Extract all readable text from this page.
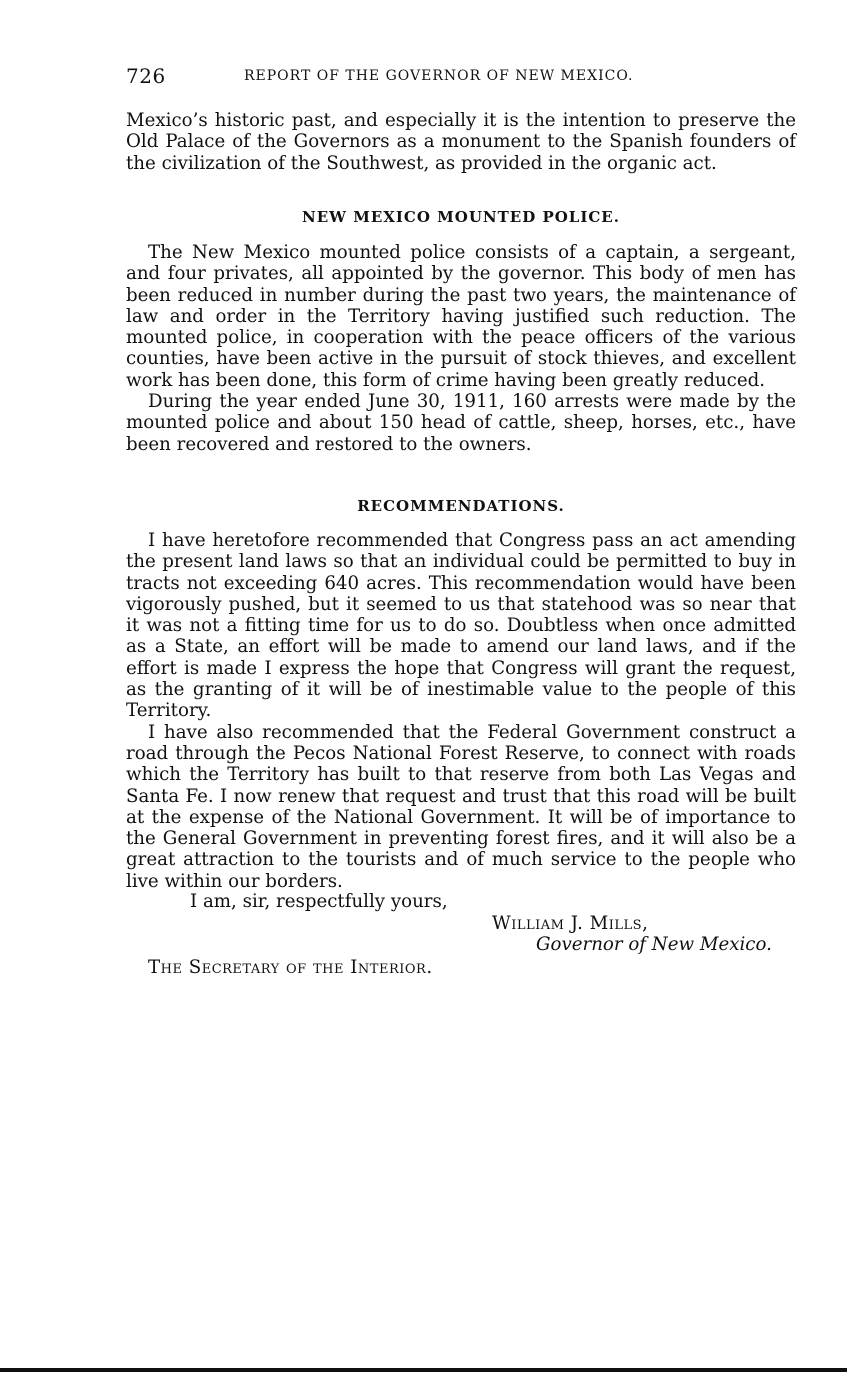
726	REPORT OF THE GOVERNOR OF NEW MEXICO.

Mexico’s historic past, and especially it is the intention to preserve the Old Palace of the Governors as a monument to the Spanish founders of the civilization of the Southwest, as provided in the organic act.

NEW MEXICO MOUNTED POLICE.

The New Mexico mounted police consists of a captain, a sergeant, and four privates, all appointed by the governor. This body of men has been reduced in number during the past two years, the maintenance of law and order in the Territory having justified such reduction. The mounted police, in cooperation with the peace officers of the various counties, have been active in the pursuit of stock thieves, and excellent work has been done, this form of crime having been greatly reduced.

During the year ended June 30, 1911, 160 arrests were made by the mounted police and about 150 head of cattle, sheep, horses, etc., have been recovered and restored to the owners.

RECOMMENDATIONS.

I have heretofore recommended that Congress pass an act amending the present land laws so that an individual could be permitted to buy in tracts not exceeding 640 acres. This recommendation would have been vigorously pushed, but it seemed to us that statehood was so near that it was not a fitting time for us to do so. Doubtless when once admitted as a State, an effort will be made to amend our land laws, and if the effort is made I express the hope that Congress will grant the request, as the granting of it will be of inestimable value to the people of this Territory.

I have also recommended that the Federal Government construct a road through the Pecos National Forest Reserve, to connect with roads which the Territory has built to that reserve from both Las Vegas and Santa Fe. I now renew that request and trust that this road will be built at the expense of the National Government. It will be of importance to the General Government in preventing forest fires, and it will also be a great attraction to the tourists and of much service to the people who live within our borders.

I am, sir, respectfully yours,
William J. Mills,
Governor of New Mexico.
The Secretary of the Interior.
